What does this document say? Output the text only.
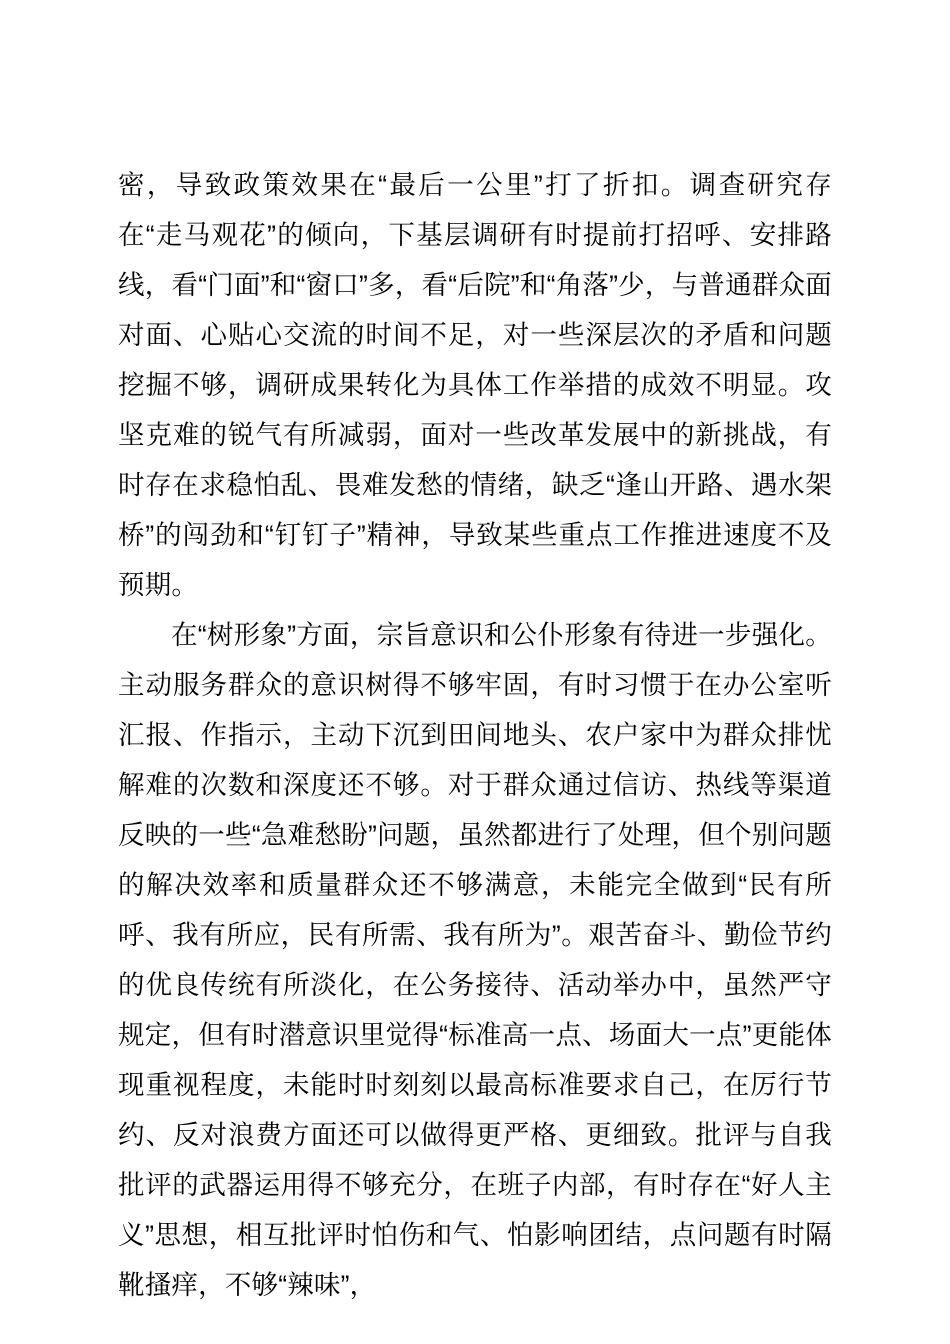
密，导致政策效果在“最后一公里”打了折扣。调查研究存在“走马观花”的倾向，下基层调研有时提前打招呼、安排路线，看“门面”和“窗口”多，看“后院”和“角落”少，与普通群众面对面、心贴心交流的时间不足，对一些深层次的矛盾和问题挖掘不够，调研成果转化为具体工作举措的成效不明显。攻坚克难的锐气有所减弱，面对一些改革发展中的新挑战，有时存在求稳怕乱、畏难发愁的情绪，缺乏“逢山开路、遇水架桥”的闯劲和“钉钉子”精神，导致某些重点工作推进速度不及预期。

在“树形象”方面，宗旨意识和公仆形象有待进一步强化。主动服务群众的意识树得不够牢固，有时习惯于在办公室听汇报、作指示，主动下沉到田间地头、农户家中为群众排忧解难的次数和深度还不够。对于群众通过信访、热线等渠道反映的一些“急难愁盼”问题，虽然都进行了处理，但个别问题的解决效率和质量群众还不够满意，未能完全做到“民有所呼、我有所应，民有所需、我有所为”。艰苦奋斗、勤俭节约的优良传统有所淡化，在公务接待、活动举办中，虽然严守规定，但有时潜意识里觉得“标准高一点、场面大一点”更能体现重视程度，未能时时刻刻以最高标准要求自己，在厉行节约、反对浪费方面还可以做得更严格、更细致。批评与自我批评的武器运用得不够充分，在班子内部，有时存在“好人主义”思想，相互批评时怕伤和气、怕影响团结，点问题有时隔靴搔痒，不够“辣味”，
